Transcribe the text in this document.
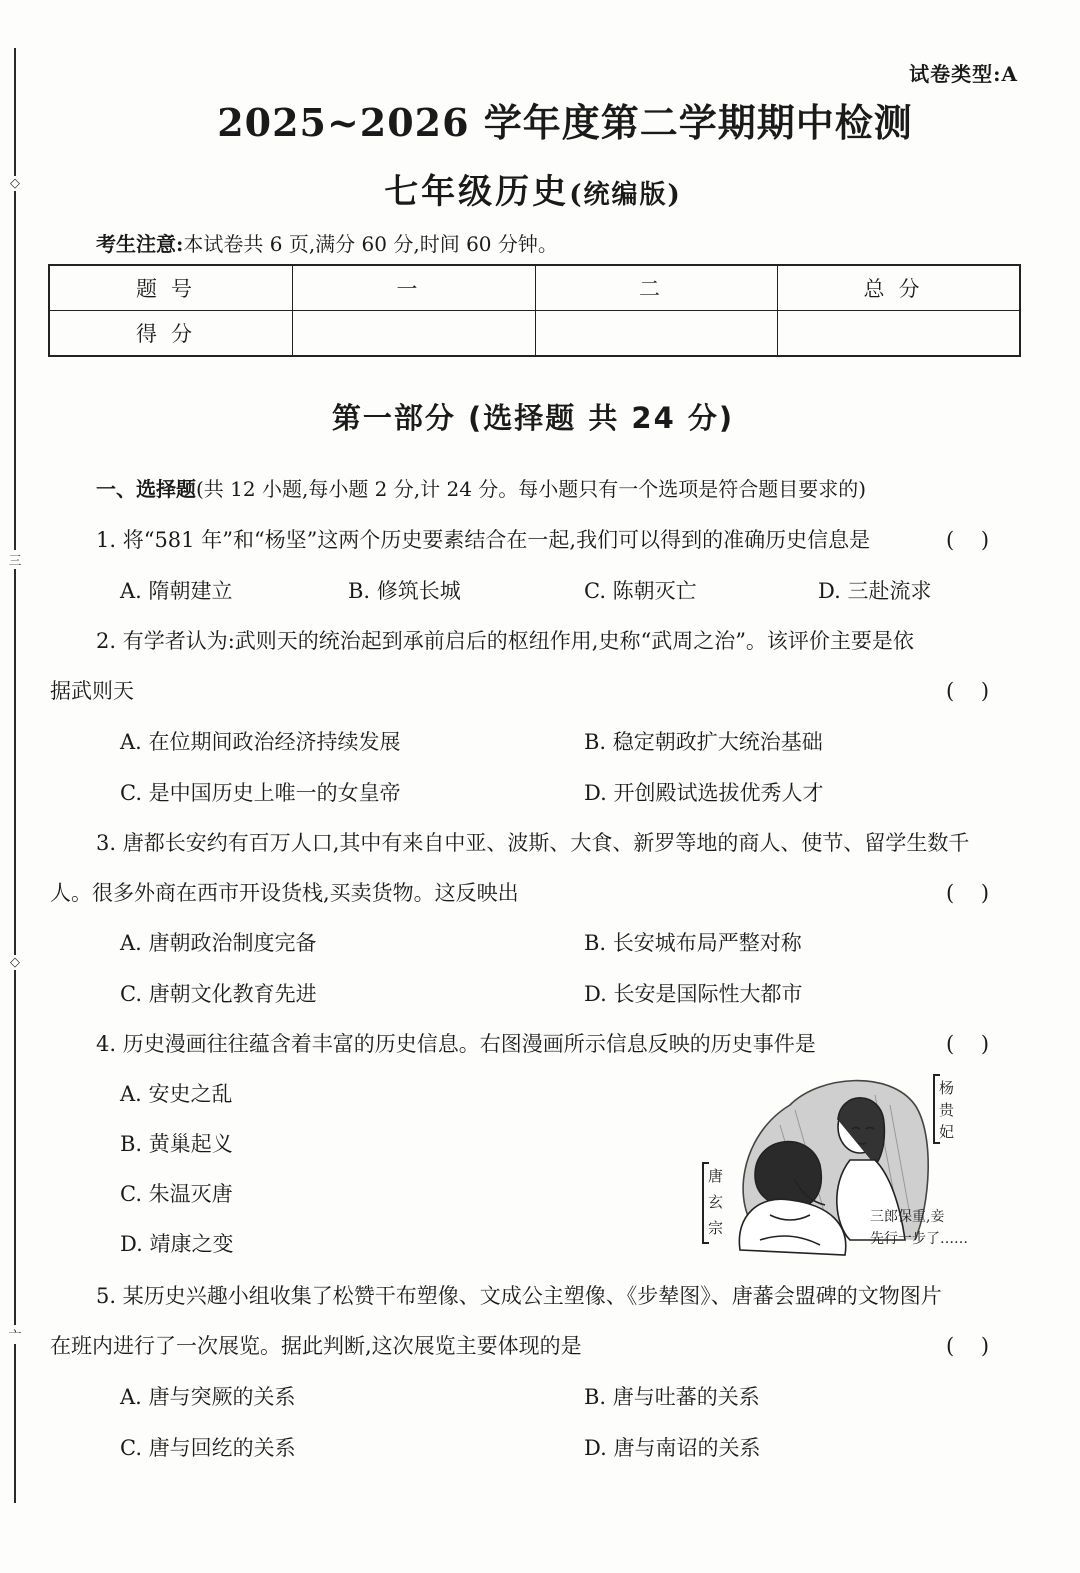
◇
三
◇
亠
试卷类型:A
2025~2026 学年度第二学期期中检测
七年级历史(统编版)
考生注意:本试卷共 6 页,满分 60 分,时间 60 分钟。
题号	一	二	总分
得分			
第一部分 (选择题 共 24 分)
一、选择题(共 12 小题,每小题 2 分,计 24 分。每小题只有一个选项是符合题目要求的)
1. 将“581 年”和“杨坚”这两个历史要素结合在一起,我们可以得到的准确历史信息是	(    )
A. 隋朝建立	B. 修筑长城	C. 陈朝灭亡	D. 三赴流求
2. 有学者认为:武则天的统治起到承前启后的枢纽作用,史称“武周之治”。该评价主要是依
据武则天	(    )
A. 在位期间政治经济持续发展	B. 稳定朝政扩大统治基础
C. 是中国历史上唯一的女皇帝	D. 开创殿试选拔优秀人才
3. 唐都长安约有百万人口,其中有来自中亚、波斯、大食、新罗等地的商人、使节、留学生数千
人。很多外商在西市开设货栈,买卖货物。这反映出	(    )
A. 唐朝政治制度完备	B. 长安城布局严整对称
C. 唐朝文化教育先进	D. 长安是国际性大都市
4. 历史漫画往往蕴含着丰富的历史信息。右图漫画所示信息反映的历史事件是	(    )
A. 安史之乱
B. 黄巢起义
C. 朱温灭唐
D. 靖康之变
杨
贵
妃
唐
玄
宗
三郎保重,妾
先行一步了……
5. 某历史兴趣小组收集了松赞干布塑像、文成公主塑像、《步辇图》、唐蕃会盟碑的文物图片
在班内进行了一次展览。据此判断,这次展览主要体现的是	(    )
A. 唐与突厥的关系	B. 唐与吐蕃的关系
C. 唐与回纥的关系	D. 唐与南诏的关系
